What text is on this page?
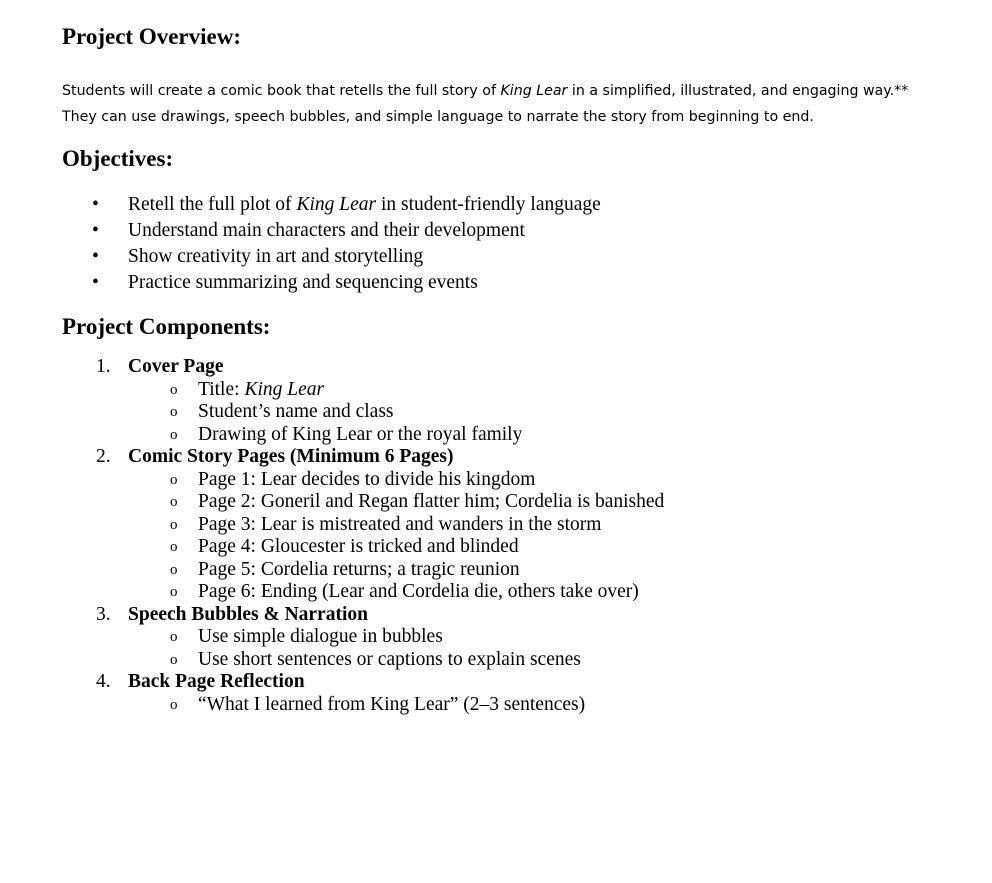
Project Overview:

Students will create a comic book that retells the full story of King Lear in a simplified, illustrated, and engaging way.** They can use drawings, speech bubbles, and simple language to narrate the story from beginning to end.

Objectives:
• Retell the full plot of King Lear in student-friendly language
• Understand main characters and their development
• Show creativity in art and storytelling
• Practice summarizing and sequencing events
Project Components:
1. Cover Page
o Title: King Lear
o Student’s name and class
o Drawing of King Lear or the royal family
2. Comic Story Pages (Minimum 6 Pages)
o Page 1: Lear decides to divide his kingdom
o Page 2: Goneril and Regan flatter him; Cordelia is banished
o Page 3: Lear is mistreated and wanders in the storm
o Page 4: Gloucester is tricked and blinded
o Page 5: Cordelia returns; a tragic reunion
o Page 6: Ending (Lear and Cordelia die, others take over)
3. Speech Bubbles & Narration
o Use simple dialogue in bubbles
o Use short sentences or captions to explain scenes
4. Back Page Reflection
o “What I learned from King Lear” (2–3 sentences)
